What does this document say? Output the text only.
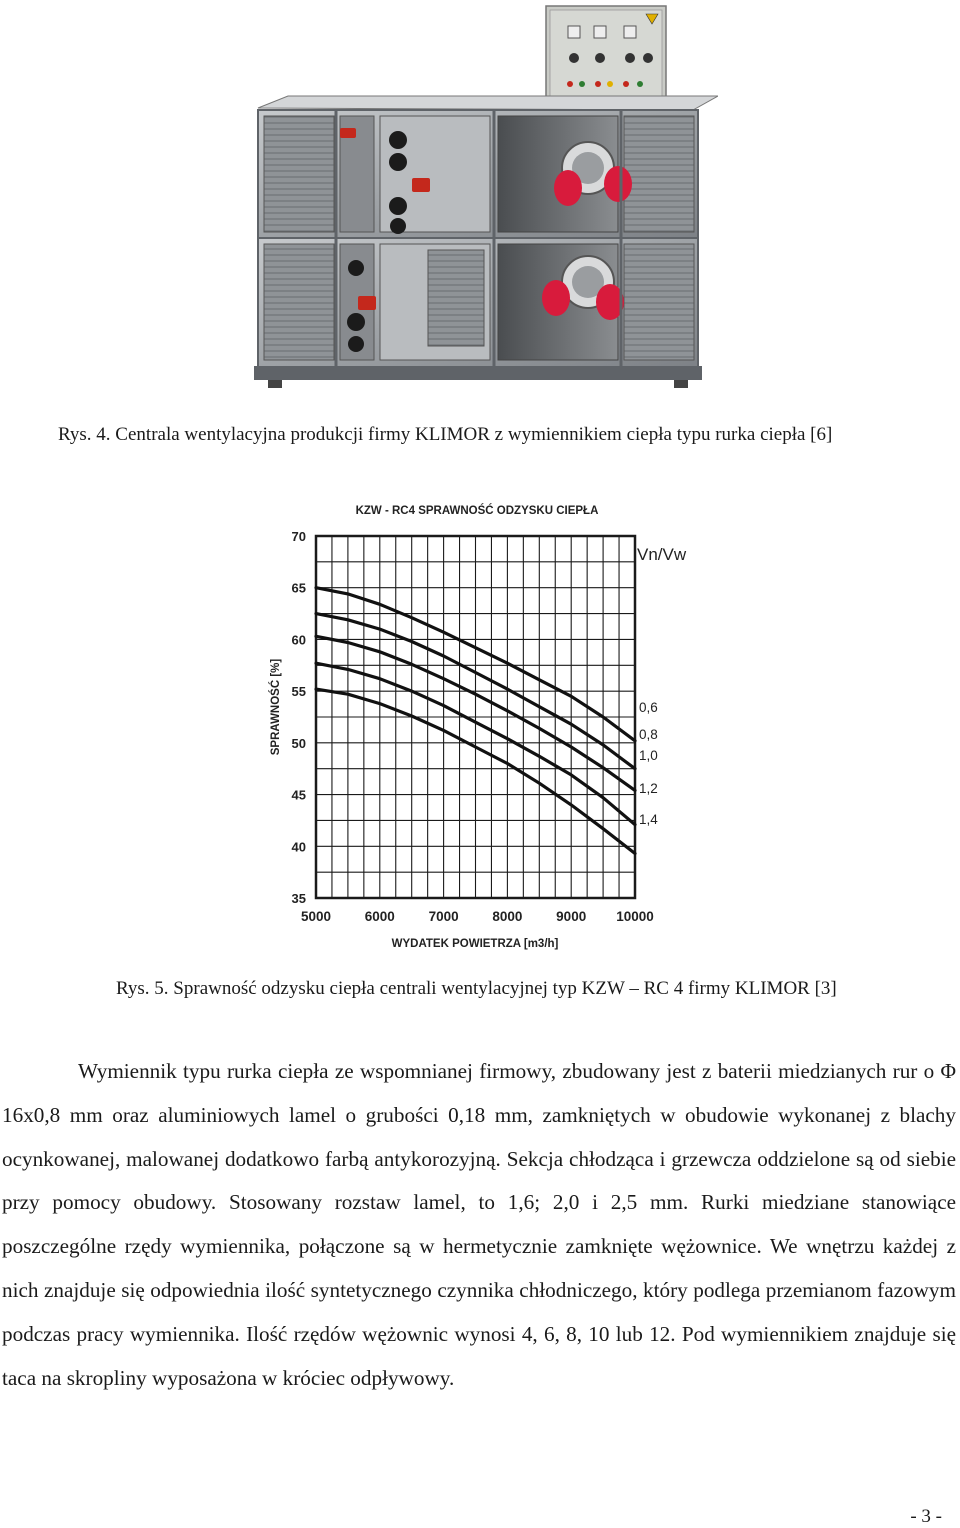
Rys. 4. Centrala wentylacyjna produkcji firmy KLIMOR z wymiennikiem ciepła typu rurka ciepła [6]
35
40
45
50
55
60
65
70
5000	6000	7000	8000	9000 10000
KZW - RC4 SPRAWNOŚĆ ODZYSKU CIEPŁA
WYDATEK POWIETRZA [m3/h]
SPRAWNOŚĆ [%]
Vn/Vw
0,6
0,8
1,0
1,2
1,4
Rys. 5. Sprawność odzysku ciepła centrali wentylacyjnej typ KZW – RC 4 firmy KLIMOR [3]

Wymiennik typu rurka ciepła ze wspomnianej firmowy, zbudowany jest z baterii miedzianych rur o Φ 16x0,8 mm oraz aluminiowych lamel o grubości 0,18 mm, zamkniętych w obudowie wykonanej z blachy ocynkowanej, malowanej dodatkowo farbą antykorozyjną. Sekcja chłodząca i grzewcza oddzielone są od siebie przy pomocy obudowy. Stosowany rozstaw lamel, to 1,6; 2,0 i 2,5 mm. Rurki miedziane stanowiące poszczególne rzędy wymiennika, połączone są w hermetycznie zamknięte wężownice. We wnętrzu każdej z nich znajduje się odpowiednia ilość syntetycznego czynnika chłodniczego, który podlega przemianom fazowym podczas pracy wymiennika. Ilość rzędów wężownic wynosi 4, 6, 8, 10 lub 12. Pod wymiennikiem znajduje się taca na skropliny wyposażona w króciec odpływowy.

- 3 -
